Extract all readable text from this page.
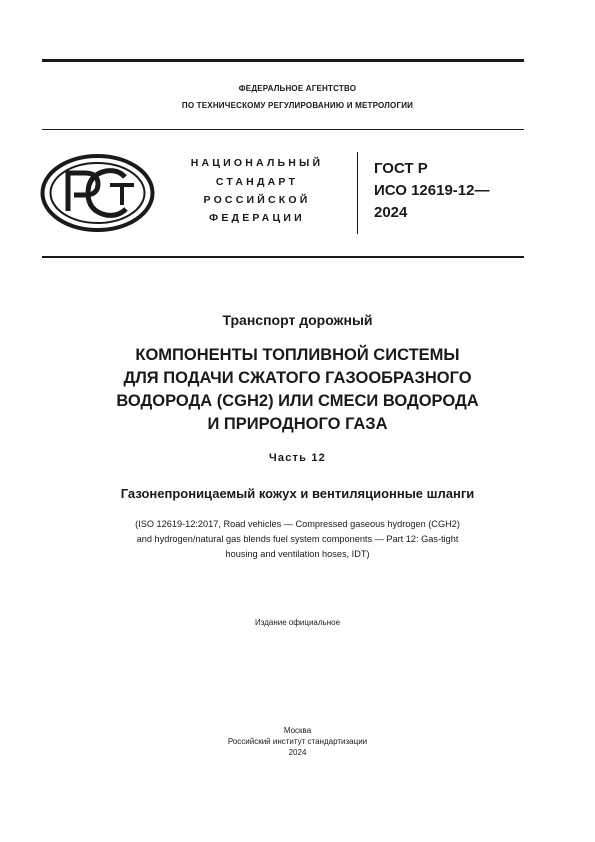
ФЕДЕРАЛЬНОЕ АГЕНТСТВО
ПО ТЕХНИЧЕСКОМУ РЕГУЛИРОВАНИЮ И МЕТРОЛОГИИ
НАЦИОНАЛЬНЫЙ
СТАНДАРТ
РОССИЙСКОЙ
ФЕДЕРАЦИИ
ГОСТ Р
ИСО 12619-12—
2024
Транспорт дорожный
КОМПОНЕНТЫ ТОПЛИВНОЙ СИСТЕМЫ
ДЛЯ ПОДАЧИ СЖАТОГО ГАЗООБРАЗНОГО
ВОДОРОДА (CGH2) ИЛИ СМЕСИ ВОДОРОДА
И ПРИРОДНОГО ГАЗА
Часть 12
Газонепроницаемый кожух и вентиляционные шланги
(ISO 12619-12:2017, Road vehicles — Compressed gaseous hydrogen (CGH2)
and hydrogen/natural gas blends fuel system components — Part 12: Gas-tight
housing and ventilation hoses, IDT)
Издание официальное
Москва
Российский институт стандартизации
2024
